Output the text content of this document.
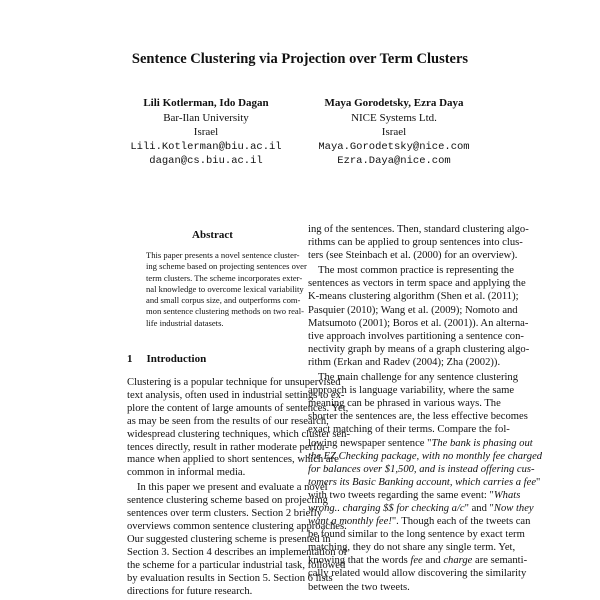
Sentence Clustering via Projection over Term Clusters
Lili Kotlerman, Ido Dagan
Bar-Ilan University
Israel
Lili.Kotlerman@biu.ac.il
dagan@cs.biu.ac.il
Maya Gorodetsky, Ezra Daya
NICE Systems Ltd.
Israel
Maya.Gorodetsky@nice.com
Ezra.Daya@nice.com
Abstract
This paper presents a novel sentence cluster-
ing scheme based on projecting sentences over
term clusters. The scheme incorporates exter-
nal knowledge to overcome lexical variability
and small corpus size, and outperforms com-
mon sentence clustering methods on two real-
life industrial datasets.
1 Introduction
Clustering is a popular technique for unsupervised
text analysis, often used in industrial settings to ex-
plore the content of large amounts of sentences. Yet,
as may be seen from the results of our research,
widespread clustering techniques, which cluster sen-
tences directly, result in rather moderate perfor-
mance when applied to short sentences, which are
common in informal media.
In this paper we present and evaluate a novel
sentence clustering scheme based on projecting
sentences over term clusters. Section 2 briefly
overviews common sentence clustering approaches.
Our suggested clustering scheme is presented in
Section 3. Section 4 describes an implementation of
the scheme for a particular industrial task, followed
by evaluation results in Section 5. Section 6 lists
directions for future research.
ing of the sentences. Then, standard clustering algo-
rithms can be applied to group sentences into clus-
ters (see Steinbach et al. (2000) for an overview).
The most common practice is representing the
sentences as vectors in term space and applying the
K-means clustering algorithm (Shen et al. (2011);
Pasquier (2010); Wang et al. (2009); Nomoto and
Matsumoto (2001); Boros et al. (2001)). An alterna-
tive approach involves partitioning a sentence con-
nectivity graph by means of a graph clustering algo-
rithm (Erkan and Radev (2004); Zha (2002)).
The main challenge for any sentence clustering
approach is language variability, where the same
meaning can be phrased in various ways. The
shorter the sentences are, the less effective becomes
exact matching of their terms. Compare the fol-
lowing newspaper sentence "The bank is phasing out
the EZ Checking package, with no monthly fee charged
for balances over $1,500, and is instead offering cus-
tomers its Basic Banking account, which carries a fee"
with two tweets regarding the same event: "Whats
wrong.. charging $$ for checking a/c" and "Now they
want a monthly fee!". Though each of the tweets can
be found similar to the long sentence by exact term
matching, they do not share any single term. Yet,
knowing that the words fee and charge are semanti-
cally related would allow discovering the similarity
between the two tweets.
